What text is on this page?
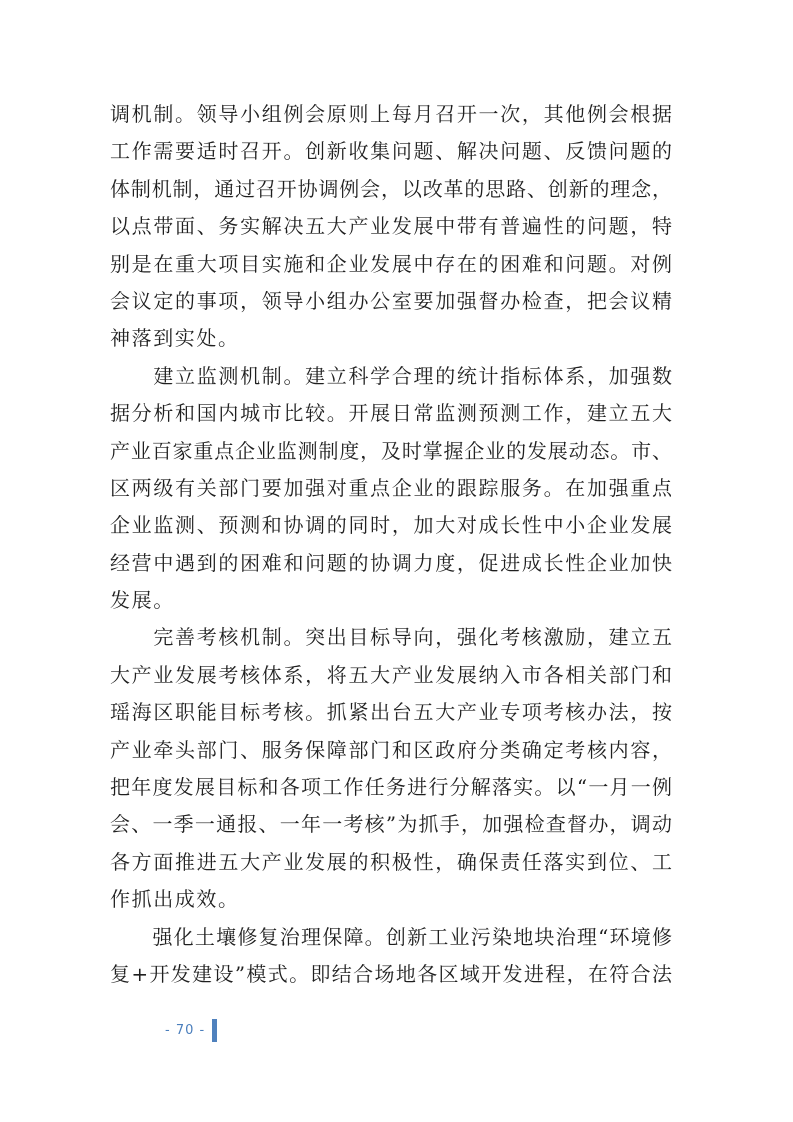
调机制。领导小组例会原则上每月召开一次，其他例会根据
工作需要适时召开。创新收集问题、解决问题、反馈问题的
体制机制，通过召开协调例会，以改革的思路、创新的理念，
以点带面、务实解决五大产业发展中带有普遍性的问题，特
别是在重大项目实施和企业发展中存在的困难和问题。对例
会议定的事项，领导小组办公室要加强督办检查，把会议精
神落到实处。
　　建立监测机制。建立科学合理的统计指标体系，加强数
据分析和国内城市比较。开展日常监测预测工作，建立五大
产业百家重点企业监测制度，及时掌握企业的发展动态。市、
区两级有关部门要加强对重点企业的跟踪服务。在加强重点
企业监测、预测和协调的同时，加大对成长性中小企业发展
经营中遇到的困难和问题的协调力度，促进成长性企业加快
发展。
　　完善考核机制。突出目标导向，强化考核激励，建立五
大产业发展考核体系，将五大产业发展纳入市各相关部门和
瑶海区职能目标考核。抓紧出台五大产业专项考核办法，按
产业牵头部门、服务保障部门和区政府分类确定考核内容，
把年度发展目标和各项工作任务进行分解落实。以“一月一例
会、一季一通报、一年一考核”为抓手，加强检查督办，调动
各方面推进五大产业发展的积极性，确保责任落实到位、工
作抓出成效。
　　强化土壤修复治理保障。创新工业污染地块治理“环境修
复+开发建设”模式。即结合场地各区域开发进程，在符合法
- 70 -
